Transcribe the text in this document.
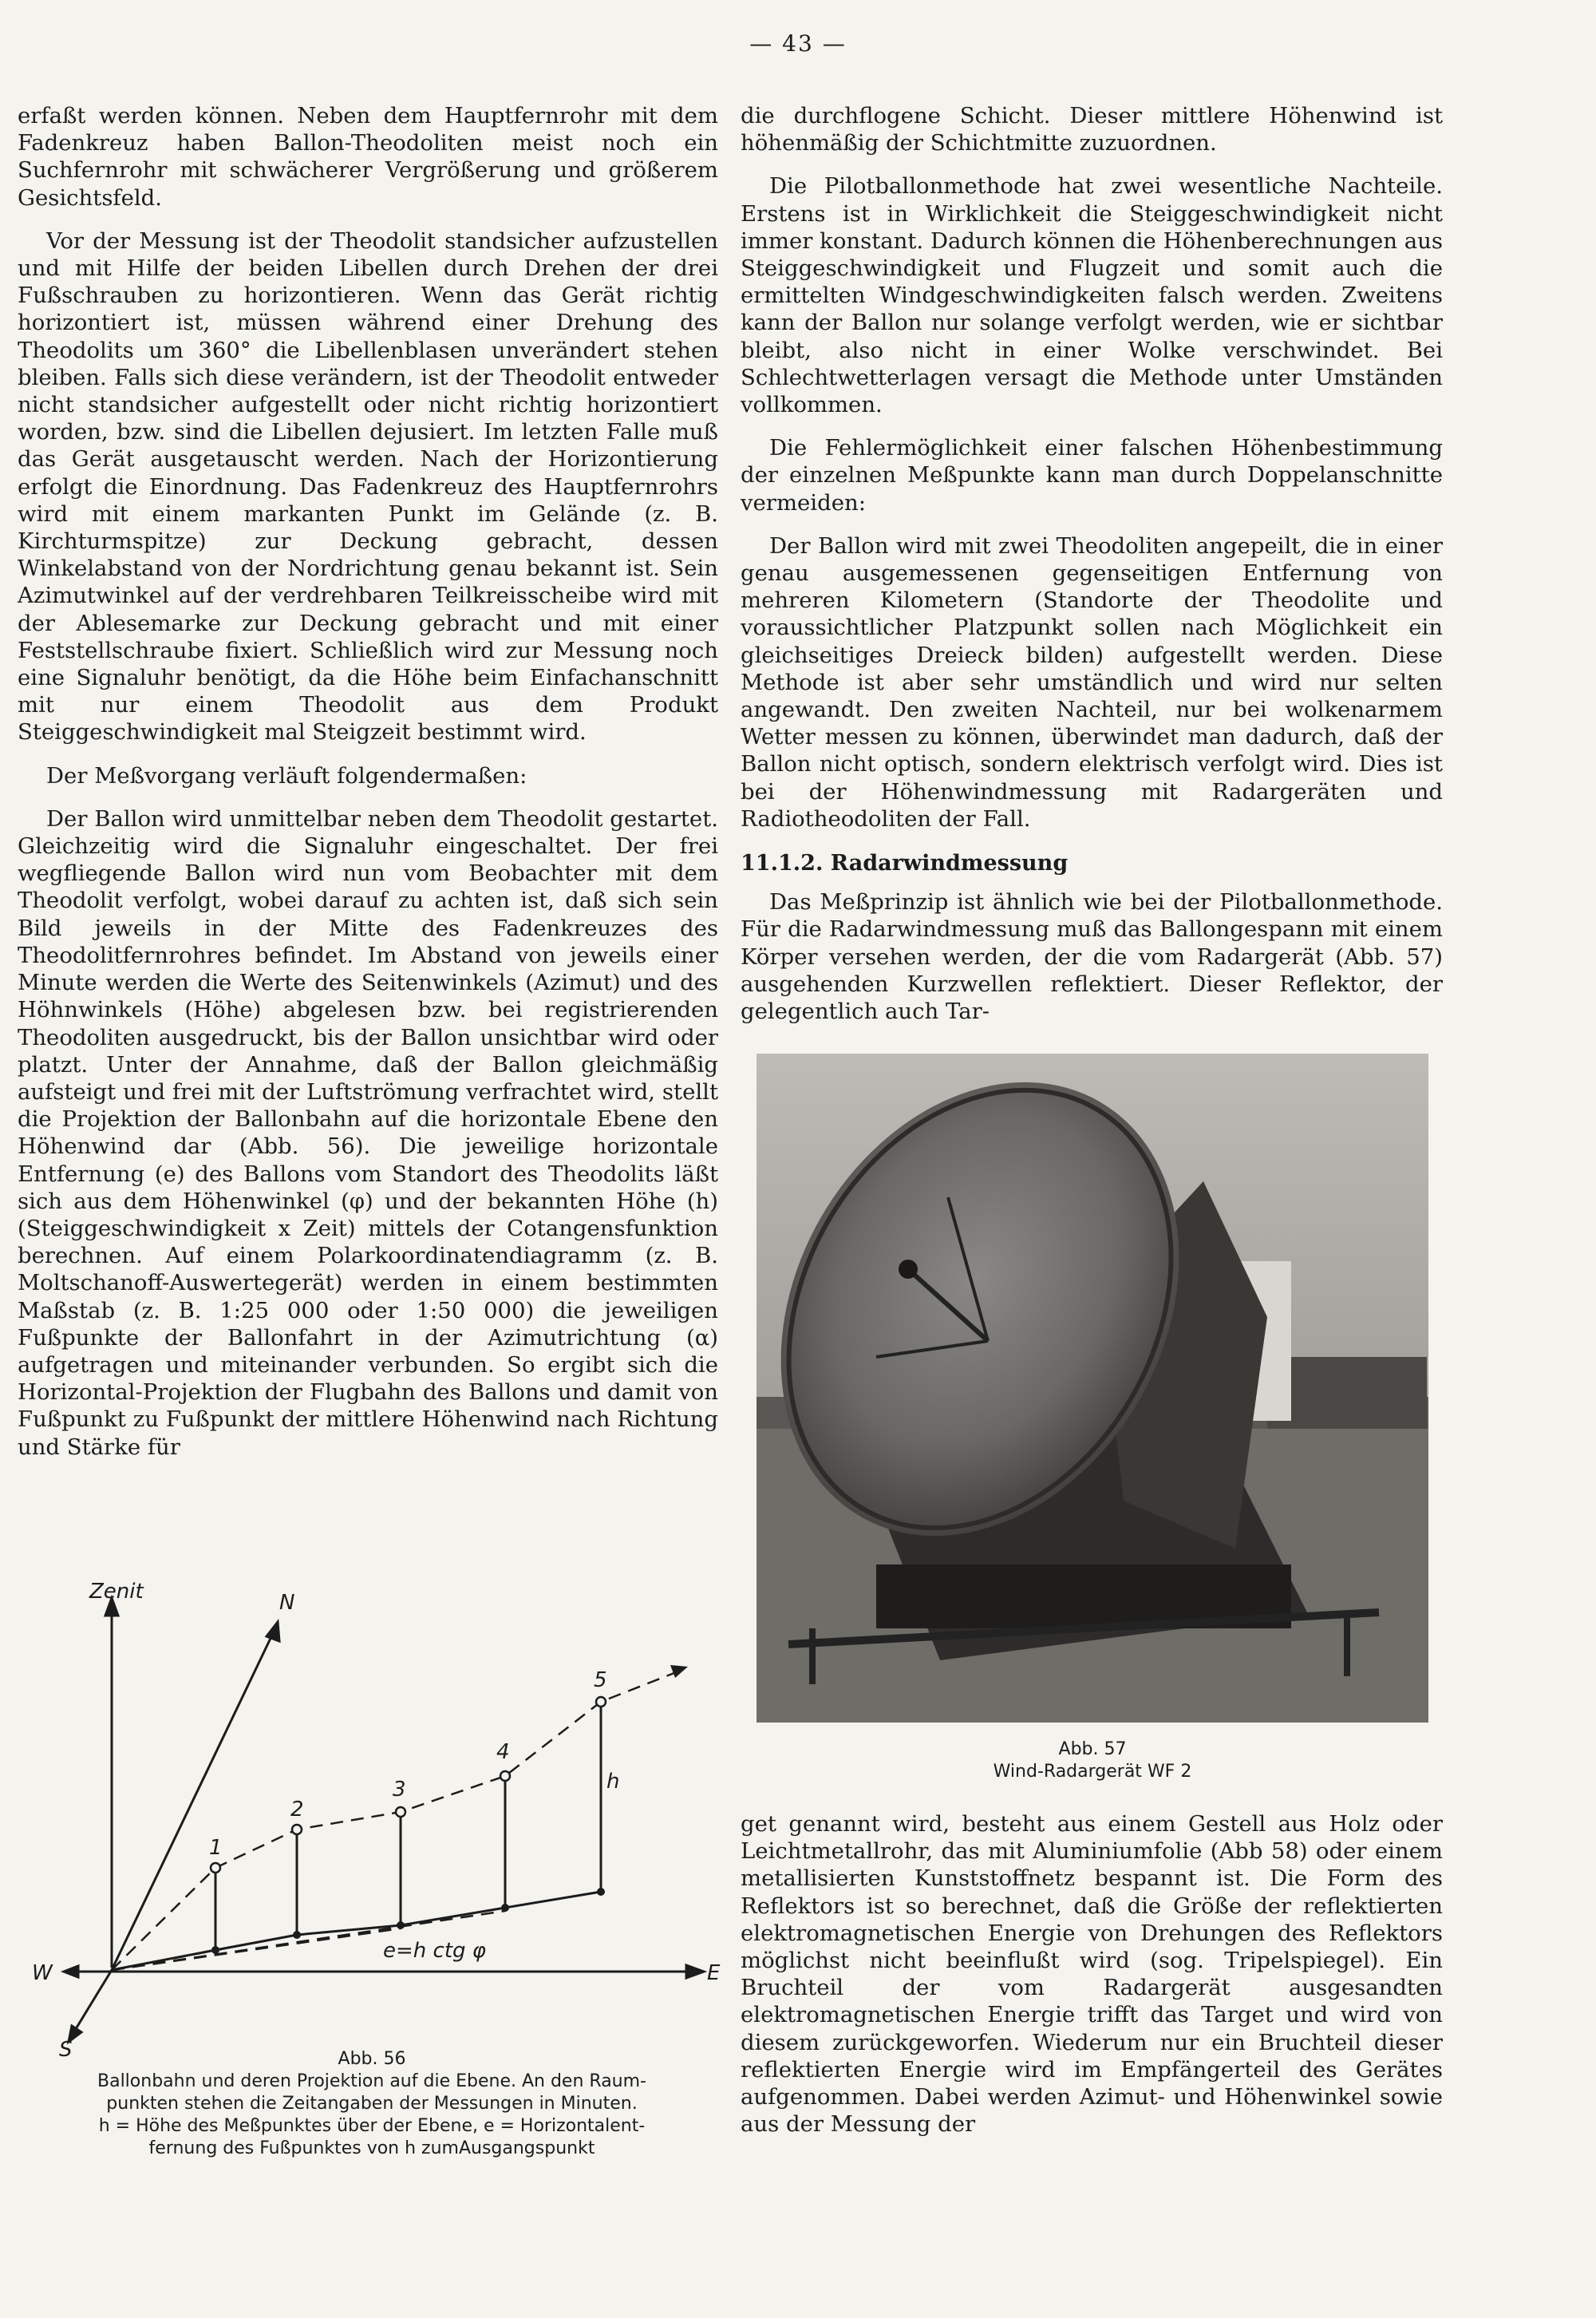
— 43 —

erfaßt werden können. Neben dem Hauptfernrohr mit dem Fadenkreuz haben Ballon-Theodoliten meist noch ein Suchfernrohr mit schwächerer Vergrößerung und größerem Gesichtsfeld.

Vor der Messung ist der Theodolit standsicher aufzustellen und mit Hilfe der beiden Libellen durch Drehen der drei Fußschrauben zu horizontieren. Wenn das Gerät richtig horizontiert ist, müssen während einer Drehung des Theodolits um 360° die Libellenblasen unverändert stehen bleiben. Falls sich diese verändern, ist der Theodolit entweder nicht standsicher aufgestellt oder nicht richtig horizontiert worden, bzw. sind die Libellen dejusiert. Im letzten Falle muß das Gerät ausgetauscht werden. Nach der Horizontierung erfolgt die Einordnung. Das Fadenkreuz des Hauptfernrohrs wird mit einem markanten Punkt im Gelände (z. B. Kirchturmspitze) zur Deckung gebracht, dessen Winkelabstand von der Nordrichtung genau bekannt ist. Sein Azimutwinkel auf der verdrehbaren Teilkreisscheibe wird mit der Ablesemarke zur Deckung gebracht und mit einer Feststellschraube fixiert. Schließlich wird zur Messung noch eine Signaluhr benötigt, da die Höhe beim Einfachanschnitt mit nur einem Theodolit aus dem Produkt Steiggeschwindigkeit mal Steigzeit bestimmt wird.

Der Meßvorgang verläuft folgendermaßen:

Der Ballon wird unmittelbar neben dem Theodolit gestartet. Gleichzeitig wird die Signaluhr eingeschaltet. Der frei wegfliegende Ballon wird nun vom Beobachter mit dem Theodolit verfolgt, wobei darauf zu achten ist, daß sich sein Bild jeweils in der Mitte des Fadenkreuzes des Theodolitfernrohres befindet. Im Abstand von jeweils einer Minute werden die Werte des Seitenwinkels (Azimut) und des Höhnwinkels (Höhe) abgelesen bzw. bei registrierenden Theodoliten ausgedruckt, bis der Ballon unsichtbar wird oder platzt. Unter der Annahme, daß der Ballon gleichmäßig aufsteigt und frei mit der Luftströmung verfrachtet wird, stellt die Projektion der Ballonbahn auf die horizontale Ebene den Höhenwind dar (Abb. 56). Die jeweilige horizontale Entfernung (e) des Ballons vom Standort des Theodolits läßt sich aus dem Höhenwinkel (φ) und der bekannten Höhe (h) (Steiggeschwindigkeit x Zeit) mittels der Cotangensfunktion berechnen. Auf einem Polarkoordinatendiagramm (z. B. Moltschanoff-Auswertegerät) werden in einem bestimmten Maßstab (z. B. 1:25 000 oder 1:50 000) die jeweiligen Fußpunkte der Ballonfahrt in der Azimutrichtung (α) aufgetragen und miteinander verbunden. So ergibt sich die Horizontal-Projektion der Flugbahn des Ballons und damit von Fußpunkt zu Fußpunkt der mittlere Höhenwind nach Richtung und Stärke für

die durchflogene Schicht. Dieser mittlere Höhenwind ist höhenmäßig der Schichtmitte zuzuordnen.

Die Pilotballonmethode hat zwei wesentliche Nachteile. Erstens ist in Wirklichkeit die Steiggeschwindigkeit nicht immer konstant. Dadurch können die Höhenberechnungen aus Steiggeschwindigkeit und Flugzeit und somit auch die ermittelten Windgeschwindigkeiten falsch werden. Zweitens kann der Ballon nur solange verfolgt werden, wie er sichtbar bleibt, also nicht in einer Wolke verschwindet. Bei Schlechtwetterlagen versagt die Methode unter Umständen vollkommen.

Die Fehlermöglichkeit einer falschen Höhenbestimmung der einzelnen Meßpunkte kann man durch Doppelanschnitte vermeiden:

Der Ballon wird mit zwei Theodoliten angepeilt, die in einer genau ausgemessenen gegenseitigen Entfernung von mehreren Kilometern (Standorte der Theodolite und voraussichtlicher Platzpunkt sollen nach Möglichkeit ein gleichseitiges Dreieck bilden) aufgestellt werden. Diese Methode ist aber sehr umständlich und wird nur selten angewandt. Den zweiten Nachteil, nur bei wolkenarmem Wetter messen zu können, überwindet man dadurch, daß der Ballon nicht optisch, sondern elektrisch verfolgt wird. Dies ist bei der Höhenwindmessung mit Radargeräten und Radiotheodoliten der Fall.

11.1.2. Radarwindmessung

Das Meßprinzip ist ähnlich wie bei der Pilotballonmethode. Für die Radarwindmessung muß das Ballongespann mit einem Körper versehen werden, der die vom Radargerät (Abb. 57) ausgehenden Kurzwellen reflektiert. Dieser Reflektor, der gelegentlich auch Tar-

Abb. 57
Wind-Radargerät WF 2

get genannt wird, besteht aus einem Gestell aus Holz oder Leichtmetallrohr, das mit Aluminiumfolie (Abb 58) oder einem metallisierten Kunststoffnetz bespannt ist. Die Form des Reflektors ist so berechnet, daß die Größe der reflektierten elektromagnetischen Energie von Drehungen des Reflektors möglichst nicht beeinflußt wird (sog. Tripelspiegel). Ein Bruchteil der vom Radargerät ausgesandten elektromagnetischen Energie trifft das Target und wird von diesem zurückgeworfen. Wiederum nur ein Bruchteil dieser reflektierten Energie wird im Empfängerteil des Gerätes aufgenommen. Dabei werden Azimut- und Höhenwinkel sowie aus der Messung der

Zenit	N
W	E
S
h
e=h ctg φ
1
2
3
4
5
Abb. 56
Ballonbahn und deren Projektion auf die Ebene. An den Raum-
punkten stehen die Zeitangaben der Messungen in Minuten.
h = Höhe des Meßpunktes über der Ebene, e = Horizontalent-
fernung des Fußpunktes von h zumAusgangspunkt
